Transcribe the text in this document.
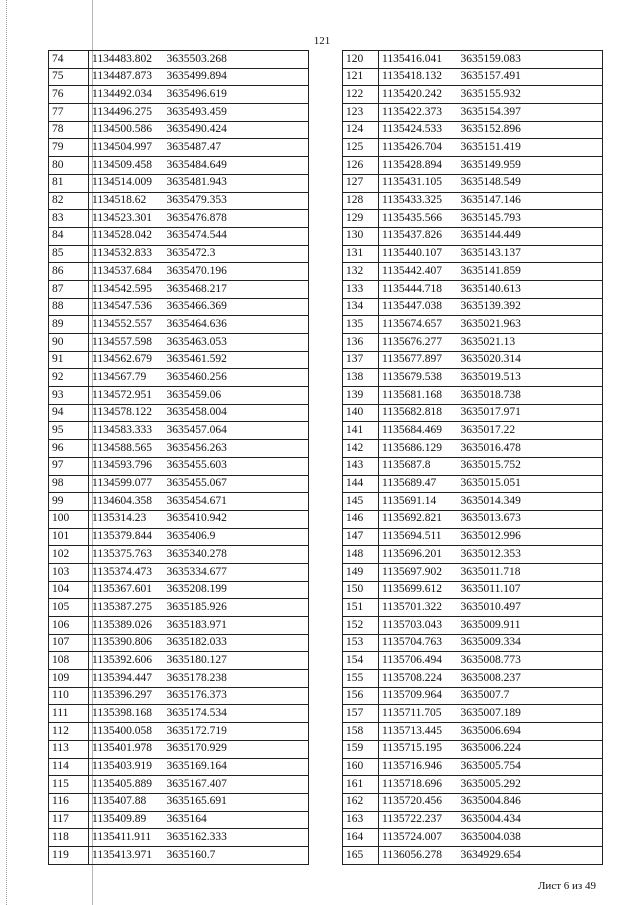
121
74	1134483.802	3635503.268
75	1134487.873	3635499.894
76	1134492.034	3635496.619
77	1134496.275	3635493.459
78	1134500.586	3635490.424
79	1134504.997	3635487.47
80	1134509.458	3635484.649
81	1134514.009	3635481.943
82	1134518.62	3635479.353
83	1134523.301	3635476.878
84	1134528.042	3635474.544
85	1134532.833	3635472.3
86	1134537.684	3635470.196
87	1134542.595	3635468.217
88	1134547.536	3635466.369
89	1134552.557	3635464.636
90	1134557.598	3635463.053
91	1134562.679	3635461.592
92	1134567.79	3635460.256
93	1134572.951	3635459.06
94	1134578.122	3635458.004
95	1134583.333	3635457.064
96	1134588.565	3635456.263
97	1134593.796	3635455.603
98	1134599.077	3635455.067
99	1134604.358	3635454.671
100	1135314.23	3635410.942
101	1135379.844	3635406.9
102	1135375.763	3635340.278
103	1135374.473	3635334.677
104	1135367.601	3635208.199
105	1135387.275	3635185.926
106	1135389.026	3635183.971
107	1135390.806	3635182.033
108	1135392.606	3635180.127
109	1135394.447	3635178.238
110	1135396.297	3635176.373
111	1135398.168	3635174.534
112	1135400.058	3635172.719
113	1135401.978	3635170.929
114	1135403.919	3635169.164
115	1135405.889	3635167.407
116	1135407.88	3635165.691
117	1135409.89	3635164
118	1135411.911	3635162.333
119	1135413.971	3635160.7
120	1135416.041	3635159.083
121	1135418.132	3635157.491
122	1135420.242	3635155.932
123	1135422.373	3635154.397
124	1135424.533	3635152.896
125	1135426.704	3635151.419
126	1135428.894	3635149.959
127	1135431.105	3635148.549
128	1135433.325	3635147.146
129	1135435.566	3635145.793
130	1135437.826	3635144.449
131	1135440.107	3635143.137
132	1135442.407	3635141.859
133	1135444.718	3635140.613
134	1135447.038	3635139.392
135	1135674.657	3635021.963
136	1135676.277	3635021.13
137	1135677.897	3635020.314
138	1135679.538	3635019.513
139	1135681.168	3635018.738
140	1135682.818	3635017.971
141	1135684.469	3635017.22
142	1135686.129	3635016.478
143	1135687.8	3635015.752
144	1135689.47	3635015.051
145	1135691.14	3635014.349
146	1135692.821	3635013.673
147	1135694.511	3635012.996
148	1135696.201	3635012.353
149	1135697.902	3635011.718
150	1135699.612	3635011.107
151	1135701.322	3635010.497
152	1135703.043	3635009.911
153	1135704.763	3635009.334
154	1135706.494	3635008.773
155	1135708.224	3635008.237
156	1135709.964	3635007.7
157	1135711.705	3635007.189
158	1135713.445	3635006.694
159	1135715.195	3635006.224
160	1135716.946	3635005.754
161	1135718.696	3635005.292
162	1135720.456	3635004.846
163	1135722.237	3635004.434
164	1135724.007	3635004.038
165	1136056.278	3634929.654
Лист 6 из 49
